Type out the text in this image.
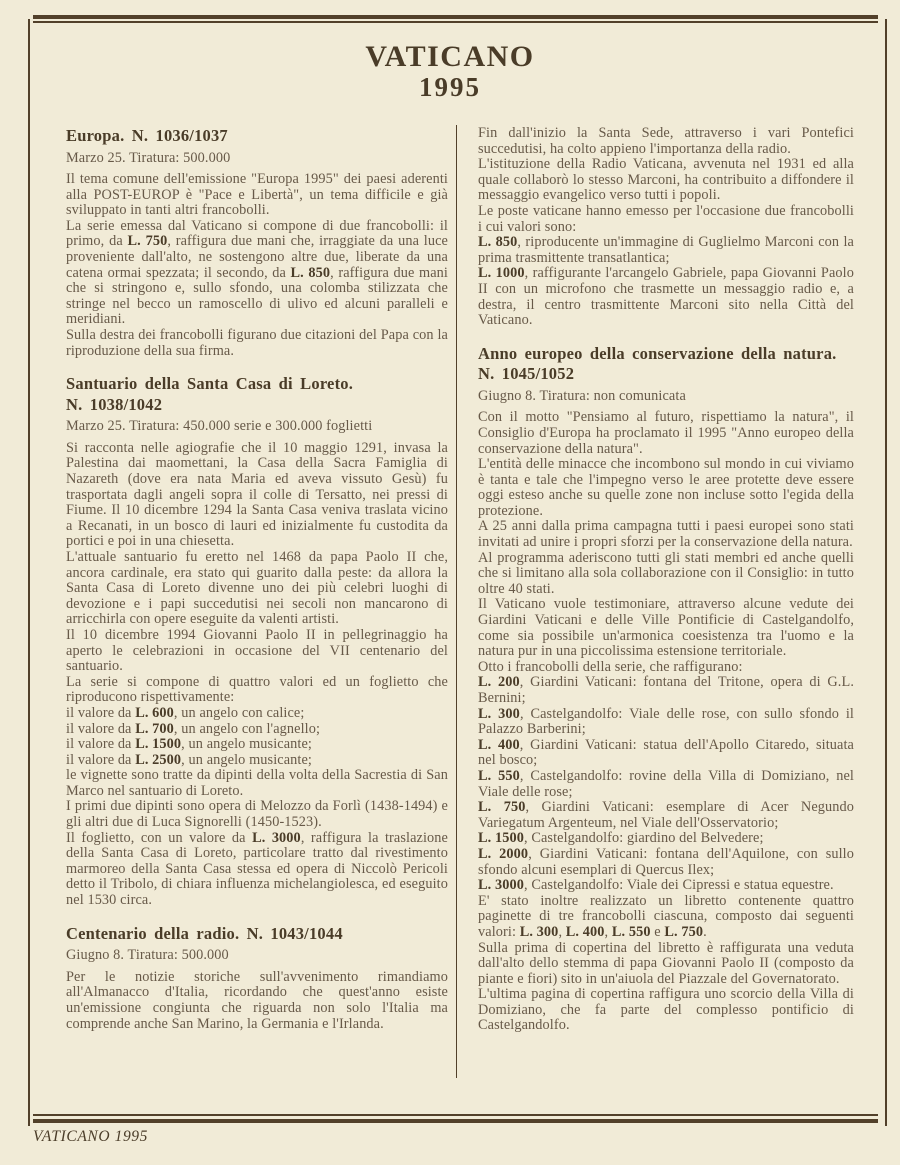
VATICANO
1995
Europa. N. 1036/1037

Marzo 25. Tiratura: 500.000

Il tema comune dell'emissione "Europa 1995" dei paesi aderenti alla POST-EUROP è "Pace e Libertà", un tema difficile e già sviluppato in tanti altri francobolli.

La serie emessa dal Vaticano si compone di due francobolli: il primo, da L. 750, raffigura due mani che, irraggiate da una luce proveniente dall'alto, ne sostengono altre due, liberate da una catena ormai spezzata; il secondo, da L. 850, raffigura due mani che si stringono e, sullo sfondo, una colomba stilizzata che stringe nel becco un ramoscello di ulivo ed alcuni paralleli e meridiani.

Sulla destra dei francobolli figurano due citazioni del Papa con la riproduzione della sua firma.

Santuario della Santa Casa di Loreto.
N. 1038/1042

Marzo 25. Tiratura: 450.000 serie e 300.000 foglietti

Si racconta nelle agiografie che il 10 maggio 1291, invasa la Palestina dai maomettani, la Casa della Sacra Famiglia di Nazareth (dove era nata Maria ed aveva vissuto Gesù) fu trasportata dagli angeli sopra il colle di Tersatto, nei pressi di Fiume. Il 10 dicembre 1294 la Santa Casa veniva traslata vicino a Recanati, in un bosco di lauri ed inizialmente fu custodita da portici e poi in una chiesetta.

L'attuale santuario fu eretto nel 1468 da papa Paolo II che, ancora cardinale, era stato qui guarito dalla peste: da allora la Santa Casa di Loreto divenne uno dei più celebri luoghi di devozione e i papi succedutisi nei secoli non mancarono di arricchirla con opere eseguite da valenti artisti.

Il 10 dicembre 1994 Giovanni Paolo II in pellegrinaggio ha aperto le celebrazioni in occasione del VII centenario del santuario.

La serie si compone di quattro valori ed un foglietto che riproducono rispettivamente:

il valore da L. 600, un angelo con calice;

il valore da L. 700, un angelo con l'agnello;

il valore da L. 1500, un angelo musicante;

il valore da L. 2500, un angelo musicante;

le vignette sono tratte da dipinti della volta della Sacrestia di San Marco nel santuario di Loreto.

I primi due dipinti sono opera di Melozzo da Forlì (1438-1494) e gli altri due di Luca Signorelli (1450-1523).

Il foglietto, con un valore da L. 3000, raffigura la traslazione della Santa Casa di Loreto, particolare tratto dal rivestimento marmoreo della Santa Casa stessa ed opera di Niccolò Pericoli detto il Tribolo, di chiara influenza michelangiolesca, ed eseguito nel 1530 circa.

Centenario della radio. N. 1043/1044

Giugno 8. Tiratura: 500.000

Per le notizie storiche sull'avvenimento rimandiamo all'Almanacco d'Italia, ricordando che quest'anno esiste un'emissione congiunta che riguarda non solo l'Italia ma comprende anche San Marino, la Germania e l'Irlanda.

Fin dall'inizio la Santa Sede, attraverso i vari Pontefici succedutisi, ha colto appieno l'importanza della radio.

L'istituzione della Radio Vaticana, avvenuta nel 1931 ed alla quale collaborò lo stesso Marconi, ha contribuito a diffondere il messaggio evangelico verso tutti i popoli.

Le poste vaticane hanno emesso per l'occasione due francobolli i cui valori sono:

L. 850, riproducente un'immagine di Guglielmo Marconi con la prima trasmittente transatlantica;

L. 1000, raffigurante l'arcangelo Gabriele, papa Giovanni Paolo II con un microfono che trasmette un messaggio radio e, a destra, il centro trasmittente Marconi sito nella Città del Vaticano.

Anno europeo della conservazione della natura.
N. 1045/1052

Giugno 8. Tiratura: non comunicata

Con il motto "Pensiamo al futuro, rispettiamo la natura", il Consiglio d'Europa ha proclamato il 1995 "Anno europeo della conservazione della natura".

L'entità delle minacce che incombono sul mondo in cui viviamo è tanta e tale che l'impegno verso le aree protette deve essere oggi esteso anche su quelle zone non incluse sotto l'egida della protezione.

A 25 anni dalla prima campagna tutti i paesi europei sono stati invitati ad unire i propri sforzi per la conservazione della natura.

Al programma aderiscono tutti gli stati membri ed anche quelli che si limitano alla sola collaborazione con il Consiglio: in tutto oltre 40 stati.

Il Vaticano vuole testimoniare, attraverso alcune vedute dei Giardini Vaticani e delle Ville Pontificie di Castelgandolfo, come sia possibile un'armonica coesistenza tra l'uomo e la natura pur in una piccolissima estensione territoriale.

Otto i francobolli della serie, che raffigurano:

L. 200, Giardini Vaticani: fontana del Tritone, opera di G.L. Bernini;

L. 300, Castelgandolfo: Viale delle rose, con sullo sfondo il Palazzo Barberini;

L. 400, Giardini Vaticani: statua dell'Apollo Citaredo, situata nel bosco;

L. 550, Castelgandolfo: rovine della Villa di Domiziano, nel Viale delle rose;

L. 750, Giardini Vaticani: esemplare di Acer Negundo Variegatum Argenteum, nel Viale dell'Osservatorio;

L. 1500, Castelgandolfo: giardino del Belvedere;

L. 2000, Giardini Vaticani: fontana dell'Aquilone, con sullo sfondo alcuni esemplari di Quercus Ilex;

L. 3000, Castelgandolfo: Viale dei Cipressi e statua equestre.

E' stato inoltre realizzato un libretto contenente quattro paginette di tre francobolli ciascuna, composto dai seguenti valori: L. 300, L. 400, L. 550 e L. 750.

Sulla prima di copertina del libretto è raffigurata una veduta dall'alto dello stemma di papa Giovanni Paolo II (composto da piante e fiori) sito in un'aiuola del Piazzale del Governatorato.

L'ultima pagina di copertina raffigura uno scorcio della Villa di Domiziano, che fa parte del complesso pontificio di Castelgandolfo.

VATICANO 1995
